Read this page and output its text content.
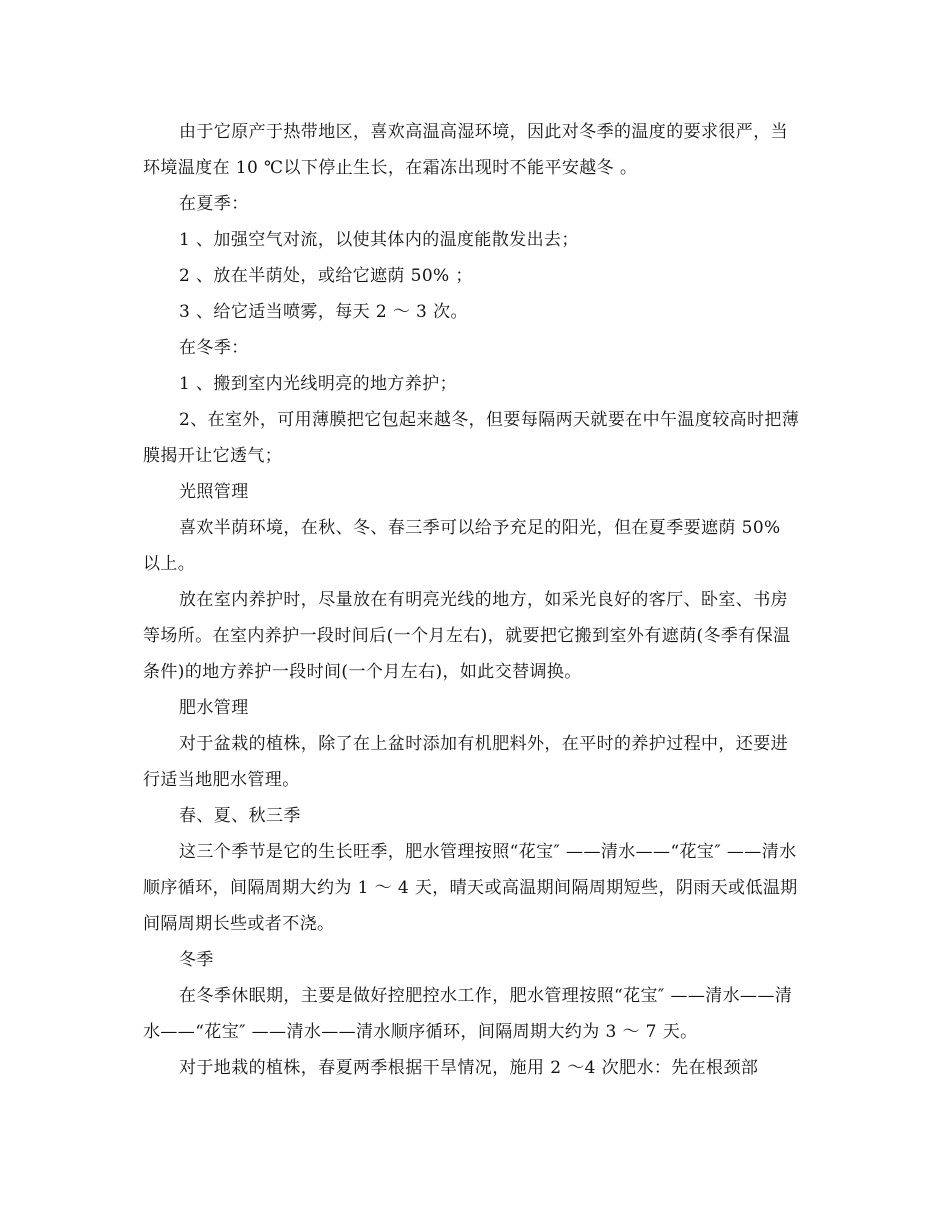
由于它原产于热带地区，喜欢高温高湿环境，因此对冬季的温度的要求很严，当环境温度在 10 ℃以下停止生长，在霜冻出现时不能平安越冬 。

在夏季：

1 、加强空气对流，以使其体内的温度能散发出去；

2 、放在半荫处，或给它遮荫 50% ；

3 、给它适当喷雾，每天 2 ～ 3 次。

在冬季：

1 、搬到室内光线明亮的地方养护；

2、在室外，可用薄膜把它包起来越冬，但要每隔两天就要在中午温度较高时把薄膜揭开让它透气；

光照管理

喜欢半荫环境，在秋、冬、春三季可以给予充足的阳光，但在夏季要遮荫 50% 以上。

放在室内养护时，尽量放在有明亮光线的地方，如采光良好的客厅、卧室、书房等场所。在室内养护一段时间后(一个月左右)，就要把它搬到室外有遮荫(冬季有保温条件)的地方养护一段时间(一个月左右)，如此交替调换。

肥水管理

对于盆栽的植株，除了在上盆时添加有机肥料外，在平时的养护过程中，还要进行适当地肥水管理。

春、夏、秋三季

这三个季节是它的生长旺季，肥水管理按照“花宝″ ——清水——“花宝″ ——清水顺序循环，间隔周期大约为 1 ～ 4 天，晴天或高温期间隔周期短些，阴雨天或低温期间隔周期长些或者不浇。

冬季

在冬季休眠期，主要是做好控肥控水工作，肥水管理按照“花宝″ ——清水——清水——“花宝″ ——清水——清水顺序循环，间隔周期大约为 3 ～ 7 天。

对于地栽的植株，春夏两季根据干旱情况，施用 2 ～4 次肥水：先在根颈部
